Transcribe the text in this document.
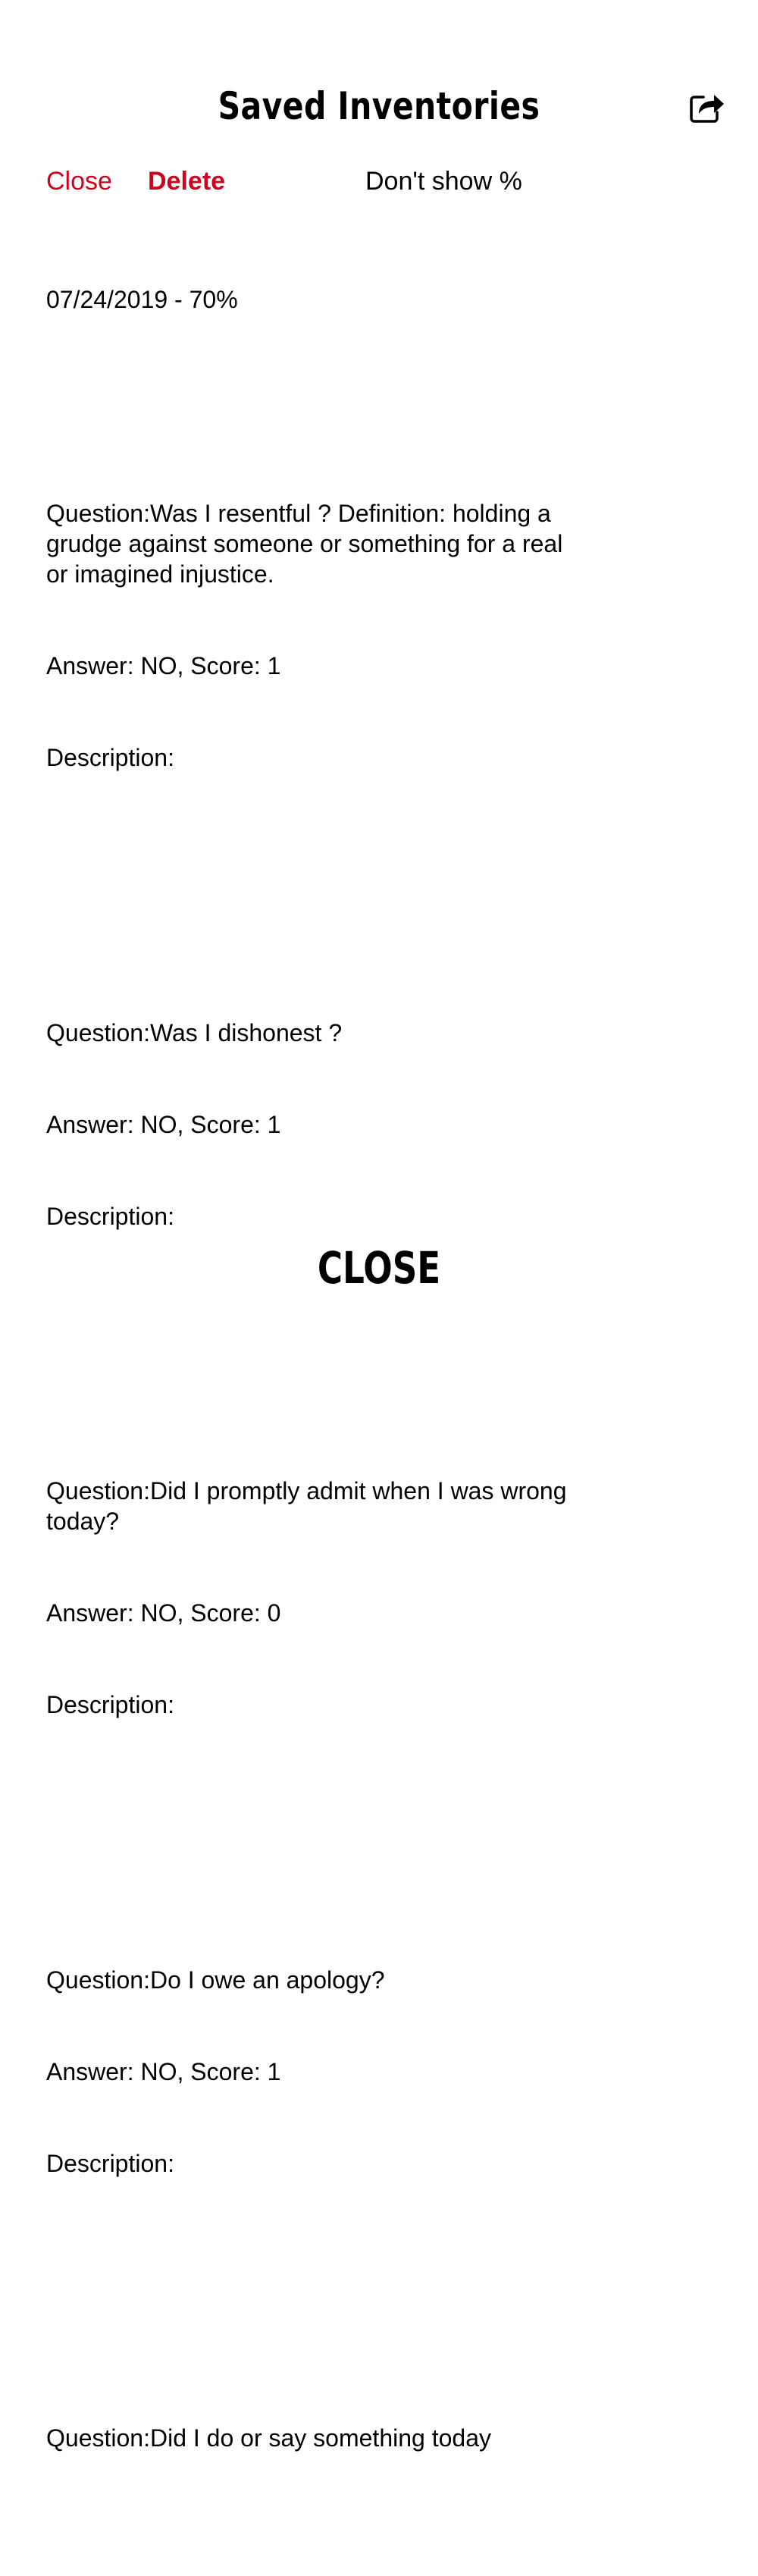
Saved Inventories
Close Delete	Don't show %

07/24/2019 - 70%

Question:Was I resentful ? Definition: holding a grudge against someone or something for a real or imagined injustice.

Answer: NO, Score: 1

Description:

Question:Was I dishonest ?

Answer: NO, Score: 1

Description:

Question:Did I promptly admit when I was wrong today?

Answer: NO, Score: 0

Description:

Question:Do I owe an apology?

Answer: NO, Score: 1

Description:

Question:Did I do or say something today

CLOSE
